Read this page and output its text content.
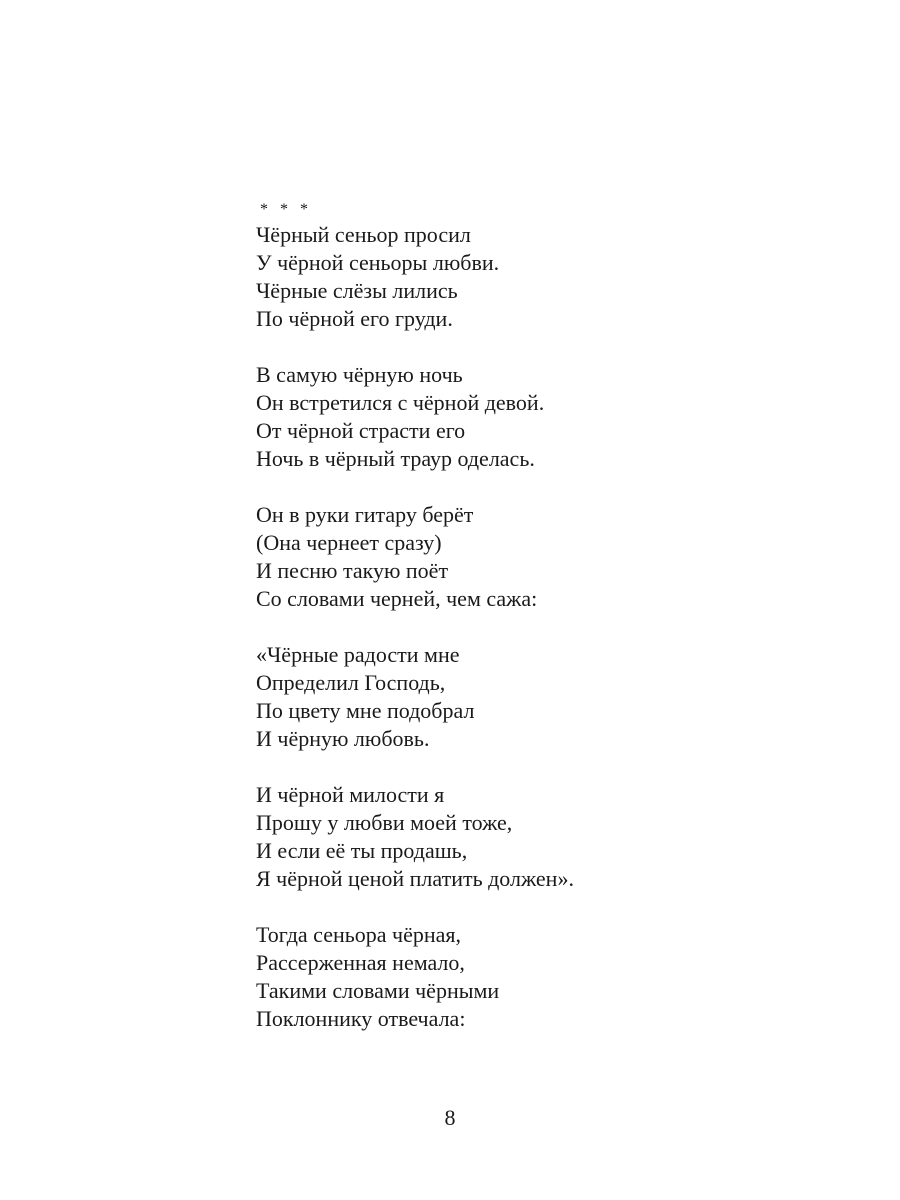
* * *
Чёрный сеньор просил
У чёрной сеньоры любви.
Чёрные слёзы лились
По чёрной его груди.
В самую чёрную ночь
Он встретился с чёрной девой.
От чёрной страсти его
Ночь в чёрный траур оделась.
Он в руки гитару берёт
(Она чернеет сразу)
И песню такую поёт
Со словами черней, чем сажа:
«Чёрные радости мне
Определил Господь,
По цвету мне подобрал
И чёрную любовь.
И чёрной милости я
Прошу у любви моей тоже,
И если её ты продашь,
Я чёрной ценой платить должен».
Тогда сеньора чёрная,
Рассерженная немало,
Такими словами чёрными
Поклоннику отвечала:
8
